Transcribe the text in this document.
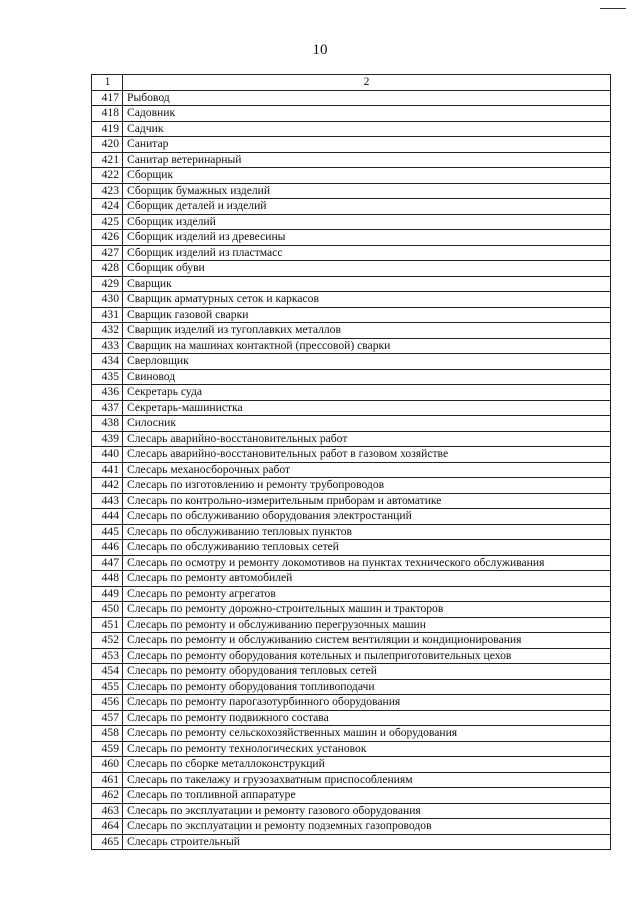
10
1	2
417	Рыбовод
418	Садовник
419	Садчик
420	Санитар
421	Санитар ветеринарный
422	Сборщик
423	Сборщик бумажных изделий
424	Сборщик деталей и изделий
425	Сборщик изделий
426	Сборщик изделий из древесины
427	Сборщик изделий из пластмасс
428	Сборщик обуви
429	Сварщик
430	Сварщик арматурных сеток и каркасов
431	Сварщик газовой сварки
432	Сварщик изделий из тугоплавких металлов
433	Сварщик на машинах контактной (прессовой) сварки
434	Сверловщик
435	Свиновод
436	Секретарь суда
437	Секретарь-машинистка
438	Силосник
439	Слесарь аварийно-восстановительных работ
440	Слесарь аварийно-восстановительных работ в газовом хозяйстве
441	Слесарь механосборочных работ
442	Слесарь по изготовлению и ремонту трубопроводов
443	Слесарь по контрольно-измерительным приборам и автоматике
444	Слесарь по обслуживанию оборудования электростанций
445	Слесарь по обслуживанию тепловых пунктов
446	Слесарь по обслуживанию тепловых сетей
447	Слесарь по осмотру и ремонту локомотивов на пунктах технического обслуживания
448	Слесарь по ремонту автомобилей
449	Слесарь по ремонту агрегатов
450	Слесарь по ремонту дорожно-строительных машин и тракторов
451	Слесарь по ремонту и обслуживанию перегрузочных машин
452	Слесарь по ремонту и обслуживанию систем вентиляции и кондиционирования
453	Слесарь по ремонту оборудования котельных и пылеприготовительных цехов
454	Слесарь по ремонту оборудования тепловых сетей
455	Слесарь по ремонту оборудования топливоподачи
456	Слесарь по ремонту парогазотурбинного оборудования
457	Слесарь по ремонту подвижного состава
458	Слесарь по ремонту сельскохозяйственных машин и оборудования
459	Слесарь по ремонту технологических установок
460	Слесарь по сборке металлоконструкций
461	Слесарь по такелажу и грузозахватным приспособлениям
462	Слесарь по топливной аппаратуре
463	Слесарь по эксплуатации и ремонту газового оборудования
464	Слесарь по эксплуатации и ремонту подземных газопроводов
465	Слесарь строительный
